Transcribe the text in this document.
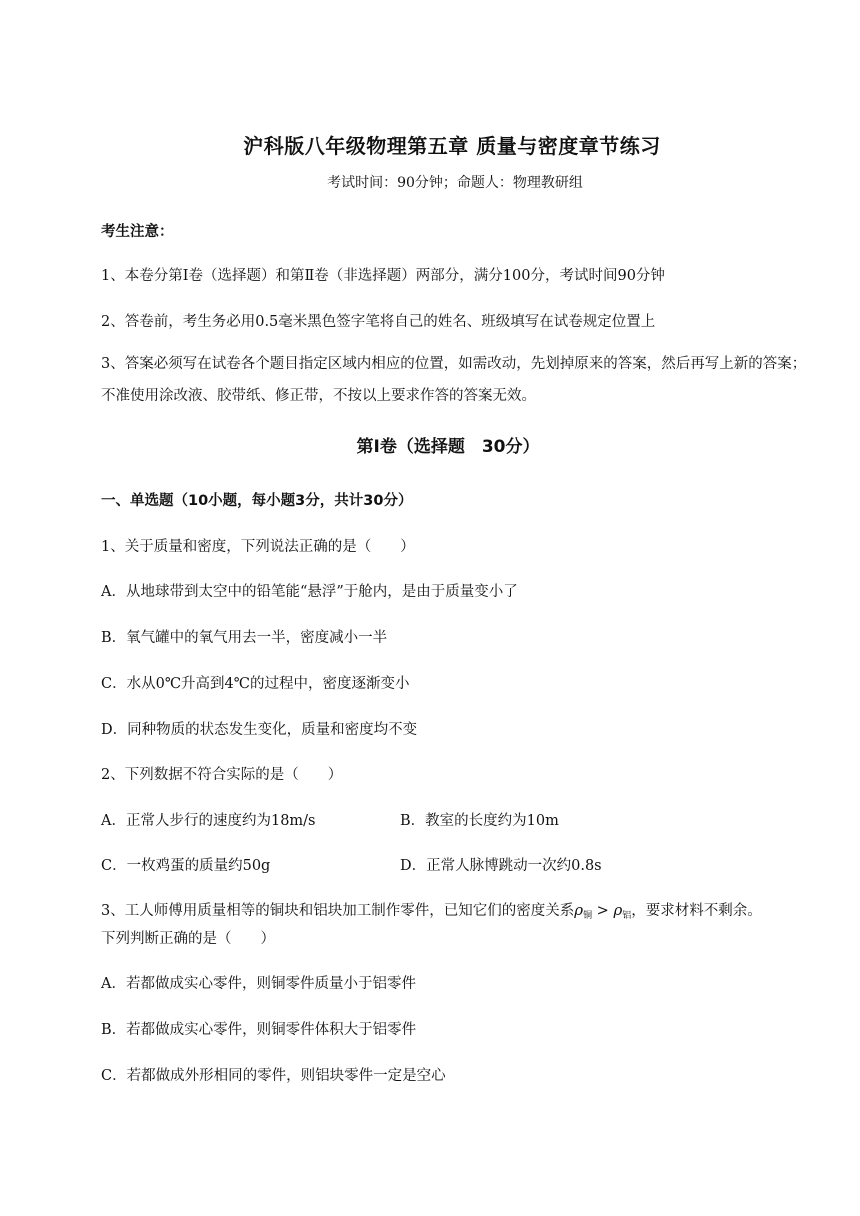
沪科版八年级物理第五章 质量与密度章节练习
考试时间：90分钟；命题人：物理教研组
考生注意：
1、本卷分第Ⅰ卷（选择题）和第Ⅱ卷（非选择题）两部分，满分100分，考试时间90分钟
2、答卷前，考生务必用0.5毫米黑色签字笔将自己的姓名、班级填写在试卷规定位置上
3、答案必须写在试卷各个题目指定区域内相应的位置，如需改动，先划掉原来的答案，然后再写上新的答案；不准使用涂改液、胶带纸、修正带，不按以上要求作答的答案无效。
第Ⅰ卷（选择题　30分）
一、单选题（10小题，每小题3分，共计30分）
1、关于质量和密度，下列说法正确的是（　　）
A．从地球带到太空中的铅笔能“悬浮”于舱内，是由于质量变小了
B．氧气罐中的氧气用去一半，密度减小一半
C．水从0℃升高到4℃的过程中，密度逐渐变小
D．同种物质的状态发生变化，质量和密度均不变
2、下列数据不符合实际的是（　　）
A．正常人步行的速度约为18m/s	B．教室的长度约为10m
C．一枚鸡蛋的质量约50g	D．正常人脉博跳动一次约0.8s
3、工人师傅用质量相等的铜块和铝块加工制作零件，已知它们的密度关系$\rho_铜 > \rho_铝$，要求材料不剩余。
下列判断正确的是（　　）
A．若都做成实心零件，则铜零件质量小于铝零件
B．若都做成实心零件，则铜零件体积大于铝零件
C．若都做成外形相同的零件，则铝块零件一定是空心
